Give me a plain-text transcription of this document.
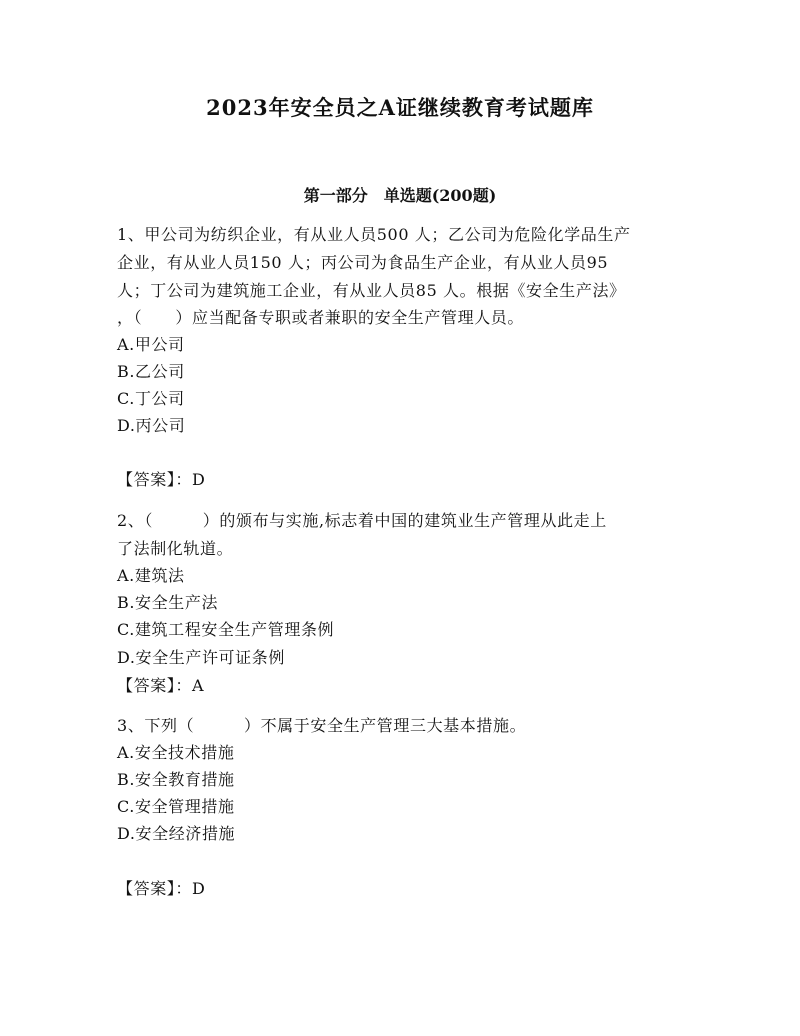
2023年安全员之A证继续教育考试题库
第一部分　单选题(200题)
1、甲公司为纺织企业，有从业人员500 人；乙公司为危险化学品生产
企业，有从业人员150 人；丙公司为食品生产企业，有从业人员95
人；丁公司为建筑施工企业，有从业人员85 人。根据《安全生产法》
，（　　）应当配备专职或者兼职的安全生产管理人员。
A.甲公司
B.乙公司
C.丁公司
D.丙公司
【答案】：D
2、（　　　）的颁布与实施,标志着中国的建筑业生产管理从此走上
了法制化轨道。
A.建筑法
B.安全生产法
C.建筑工程安全生产管理条例
D.安全生产许可证条例
【答案】：A
3、下列（　　　）不属于安全生产管理三大基本措施。
A.安全技术措施
B.安全教育措施
C.安全管理措施
D.安全经济措施
【答案】：D
